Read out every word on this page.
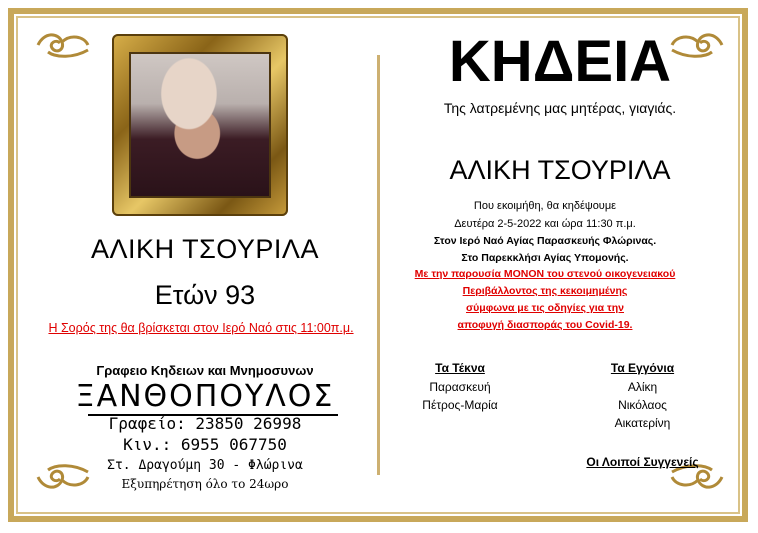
ΑΛΙΚΗ ΤΣΟΥΡΙΛΑ
Ετών 93
Η Σορός της θα βρίσκεται στον Ιερό Ναό στις 11:00π.μ.
Γραφειο Κηδειων και Μνημοσυνων
ΞΑΝΘΟΠΟΥΛΟΣ
Γραφείο: 23850 26998
Κιν.: 6955 067750
Στ. Δραγούμη 30 - Φλώρινα
Εξυπηρέτηση όλο το 24ωρο
ΚΗΔΕΙΑ
Της λατρεμένης μας μητέρας, γιαγιάς.
ΑΛΙΚΗ ΤΣΟΥΡΙΛΑ
Που εκοιμήθη, θα κηδέψουμε
Δευτέρα 2-5-2022 και ώρα 11:30 π.μ.
Στον Ιερό Ναό Αγίας Παρασκευής Φλώρινας.
Στο Παρεκκλήσι Αγίας Υπομονής.
Με την παρουσία ΜΟΝΟΝ του στενού οικογενειακού
Περιβάλλοντος της κεκοιμημένης
σύμφωνα με τις οδηγίες για την
αποφυγή διασποράς του Covid-19.
Τα Τέκνα
Παρασκευή
Πέτρος-Μαρία
Τα Εγγόνια
Αλίκη
Νικόλαος
Αικατερίνη
Οι Λοιποί Συγγενείς
